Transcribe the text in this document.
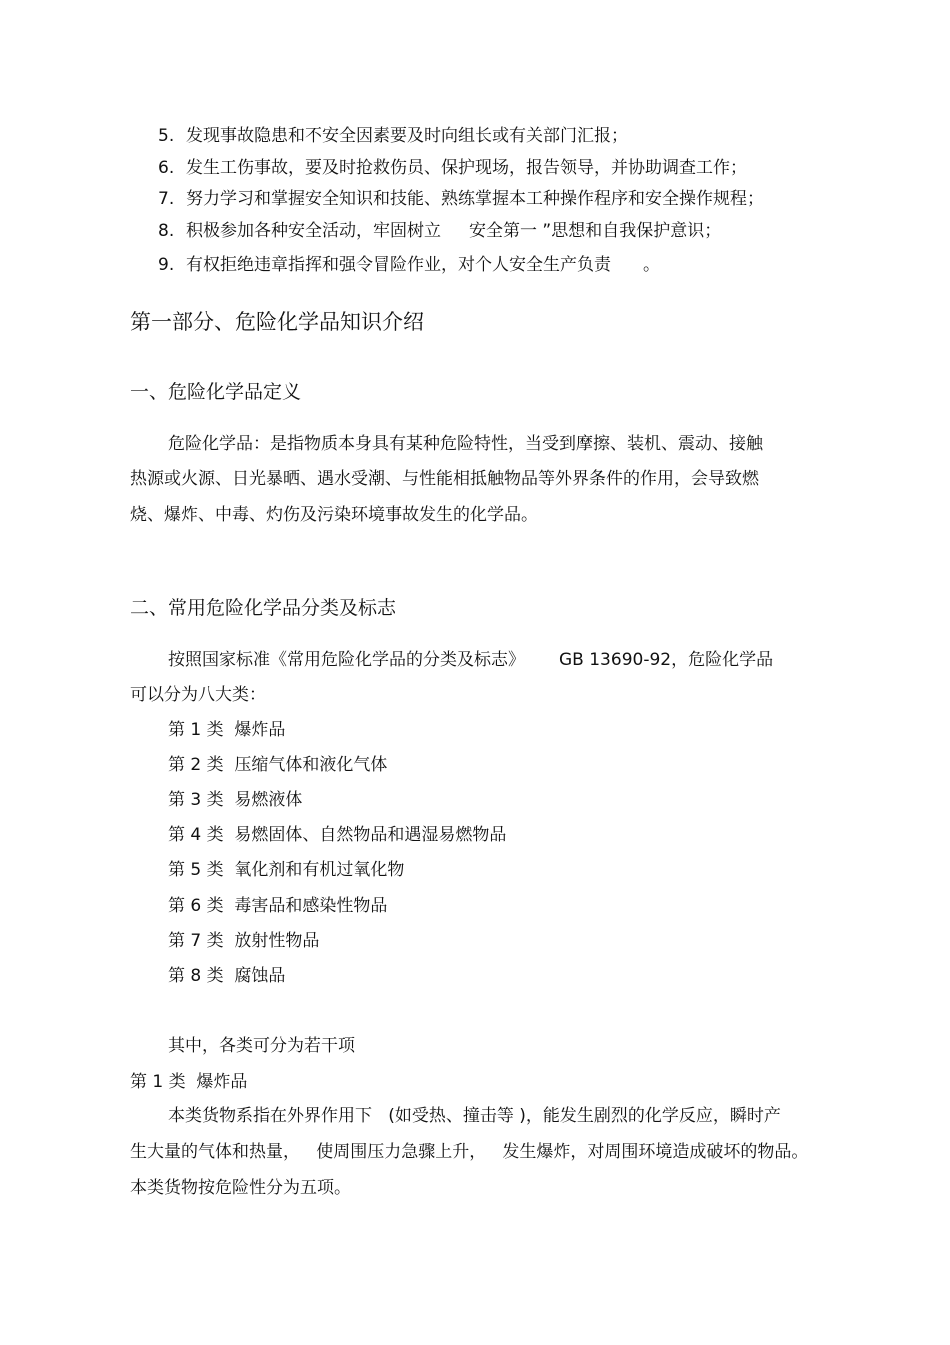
5. 发现事故隐患和不安全因素要及时向组长或有关部门汇报；
6. 发生工伤事故，要及时抢救伤员、保护现场，报告领导，并协助调查工作；
7. 努力学习和掌握安全知识和技能、熟练掌握本工种操作程序和安全操作规程；
8. 积极参加各种安全活动，牢固树立 安全第一 ”思想和自我保护意识；
9. 有权拒绝违章指挥和强令冒险作业，对个人安全生产负责 。
第一部分、危险化学品知识介绍
一、危险化学品定义
危险化学品：是指物质本身具有某种危险特性，当受到摩擦、装机、震动、接触
热源或火源、日光暴晒、遇水受潮、与性能相抵触物品等外界条件的作用，会导致燃
烧、爆炸、中毒、灼伤及污染环境事故发生的化学品。
二、常用危险化学品分类及标志
按照国家标准《常用危险化学品的分类及标志》 GB 13690-92，危险化学品
可以分为八大类：
第 1 类  爆炸品
第 2 类  压缩气体和液化气体
第 3 类  易燃液体
第 4 类  易燃固体、自然物品和遇湿易燃物品
第 5 类  氧化剂和有机过氧化物
第 6 类  毒害品和感染性物品
第 7 类  放射性物品
第 8 类  腐蚀品
其中，各类可分为若干项
第 1 类  爆炸品
本类货物系指在外界作用下   (如受热、撞击等 )，能发生剧烈的化学反应，瞬时产
生大量的气体和热量，   使周围压力急骤上升，   发生爆炸，对周围环境造成破坏的物品。
本类货物按危险性分为五项。
